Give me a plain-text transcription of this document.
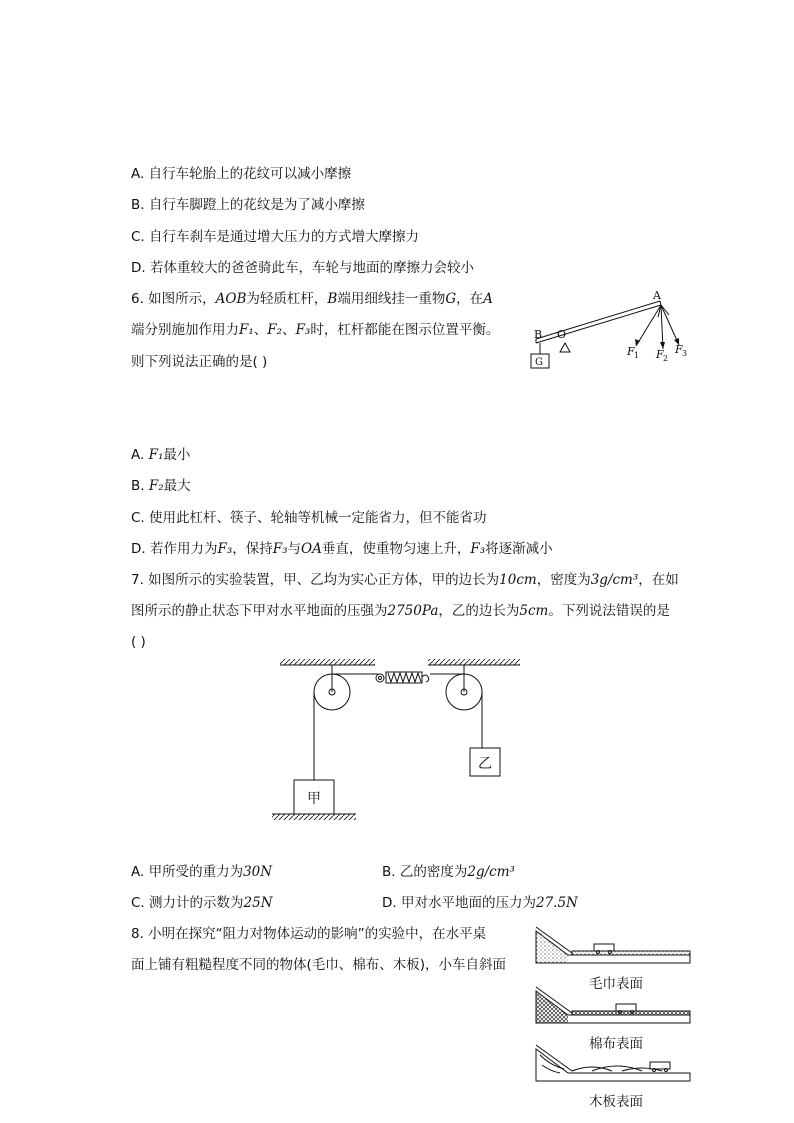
A. 自行车轮胎上的花纹可以减小摩擦
B. 自行车脚蹬上的花纹是为了减小摩擦
C. 自行车刹车是通过增大压力的方式增大摩擦力
D. 若体重较大的爸爸骑此车，车轮与地面的摩擦力会较小
6. 如图所示，AOB为轻质杠杆，B端用细线挂一重物G，在A
端分别施加作用力F₁、F₂、F₃时，杠杆都能在图示位置平衡。
则下列说法正确的是( )
A
B O
G
F 1 F 2
F 3
A. F₁最小
B. F₂最大
C. 使用此杠杆、筷子、轮轴等机械一定能省力，但不能省功
D. 若作用力为F₃，保持F₃与OA垂直，使重物匀速上升，F₃将逐渐减小
7. 如图所示的实验装置，甲、乙均为实心正方体，甲的边长为10cm，密度为3g/cm³，在如
图所示的静止状态下甲对水平地面的压强为2750Pa，乙的边长为5cm。下列说法错误的是
( )
乙
甲
A. 甲所受的重力为30N	B. 乙的密度为2g/cm³
C. 测力计的示数为25N	D. 甲对水平地面的压力为27.5N
8. 小明在探究“阻力对物体运动的影响”的实验中，在水平桌
面上铺有粗糙程度不同的物体(毛巾、棉布、木板)，小车自斜面
毛巾表面
棉布表面
木板表面
